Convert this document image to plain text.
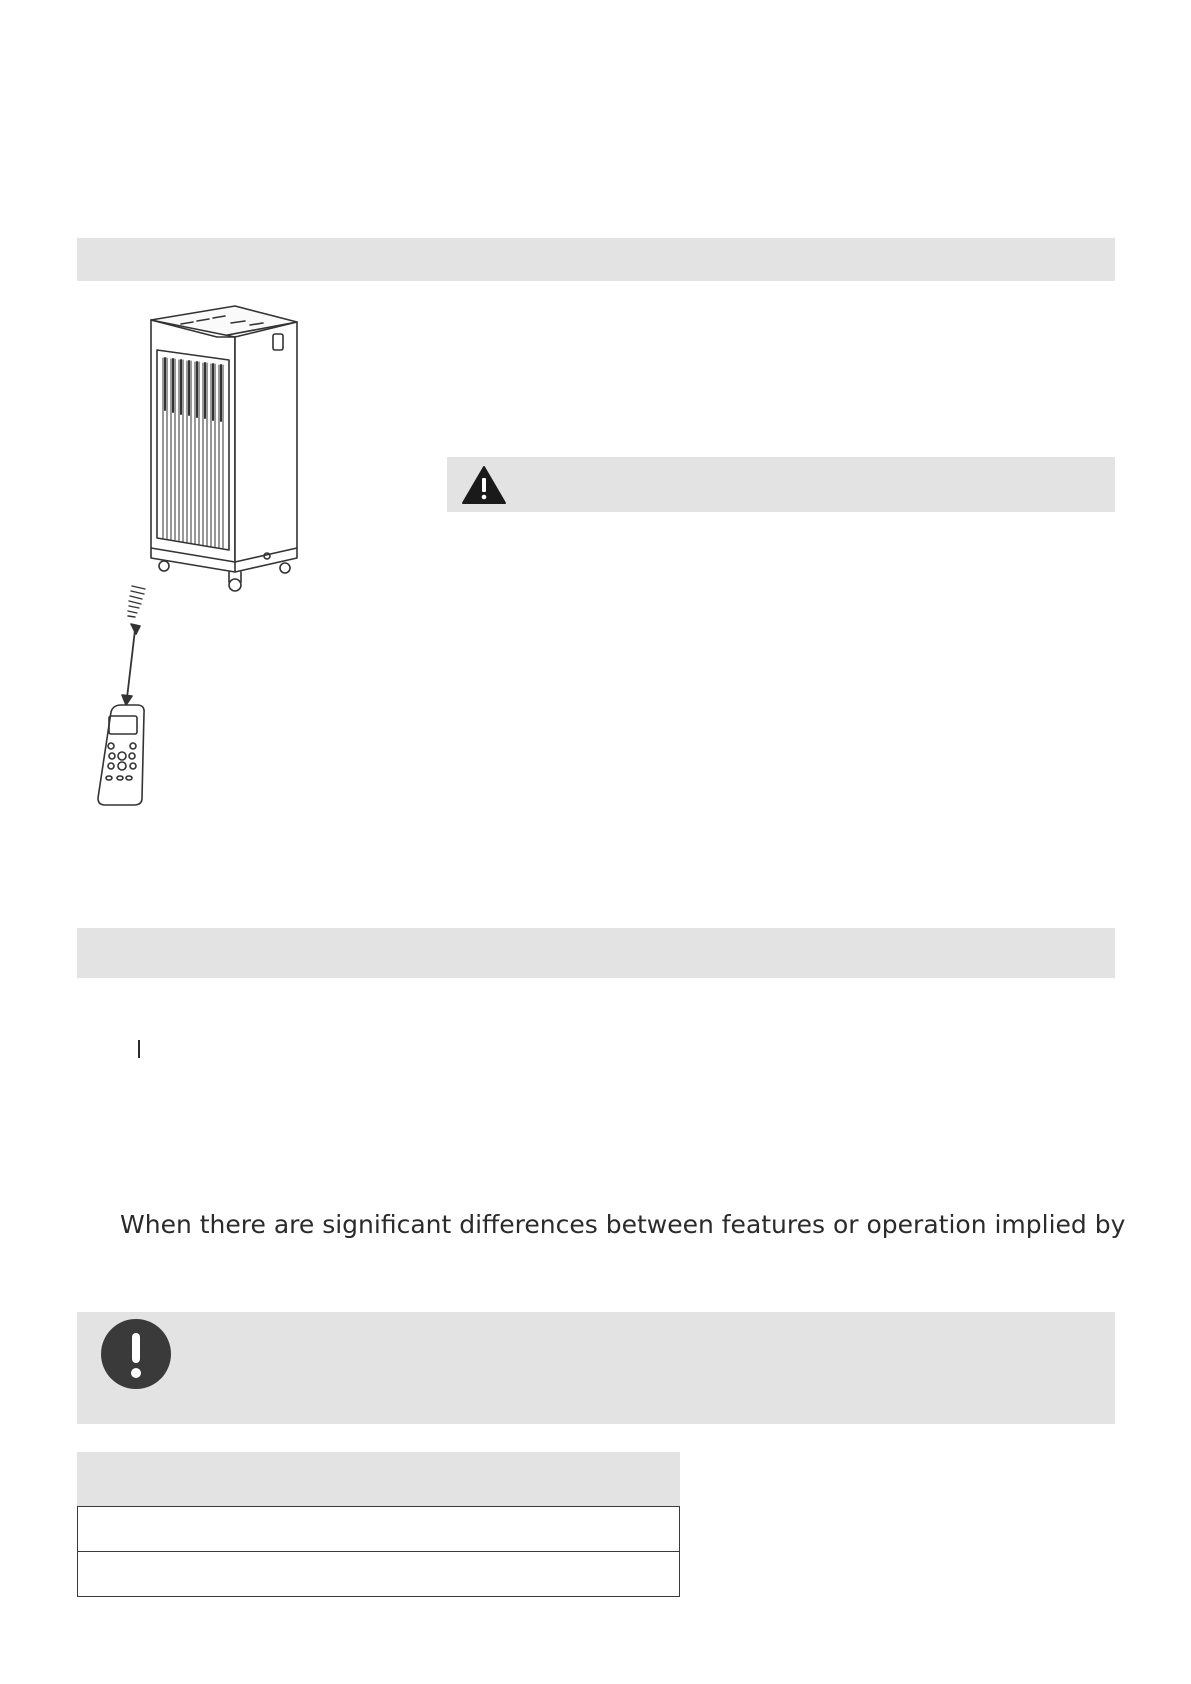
When there are significant differences between features or operation implied by
